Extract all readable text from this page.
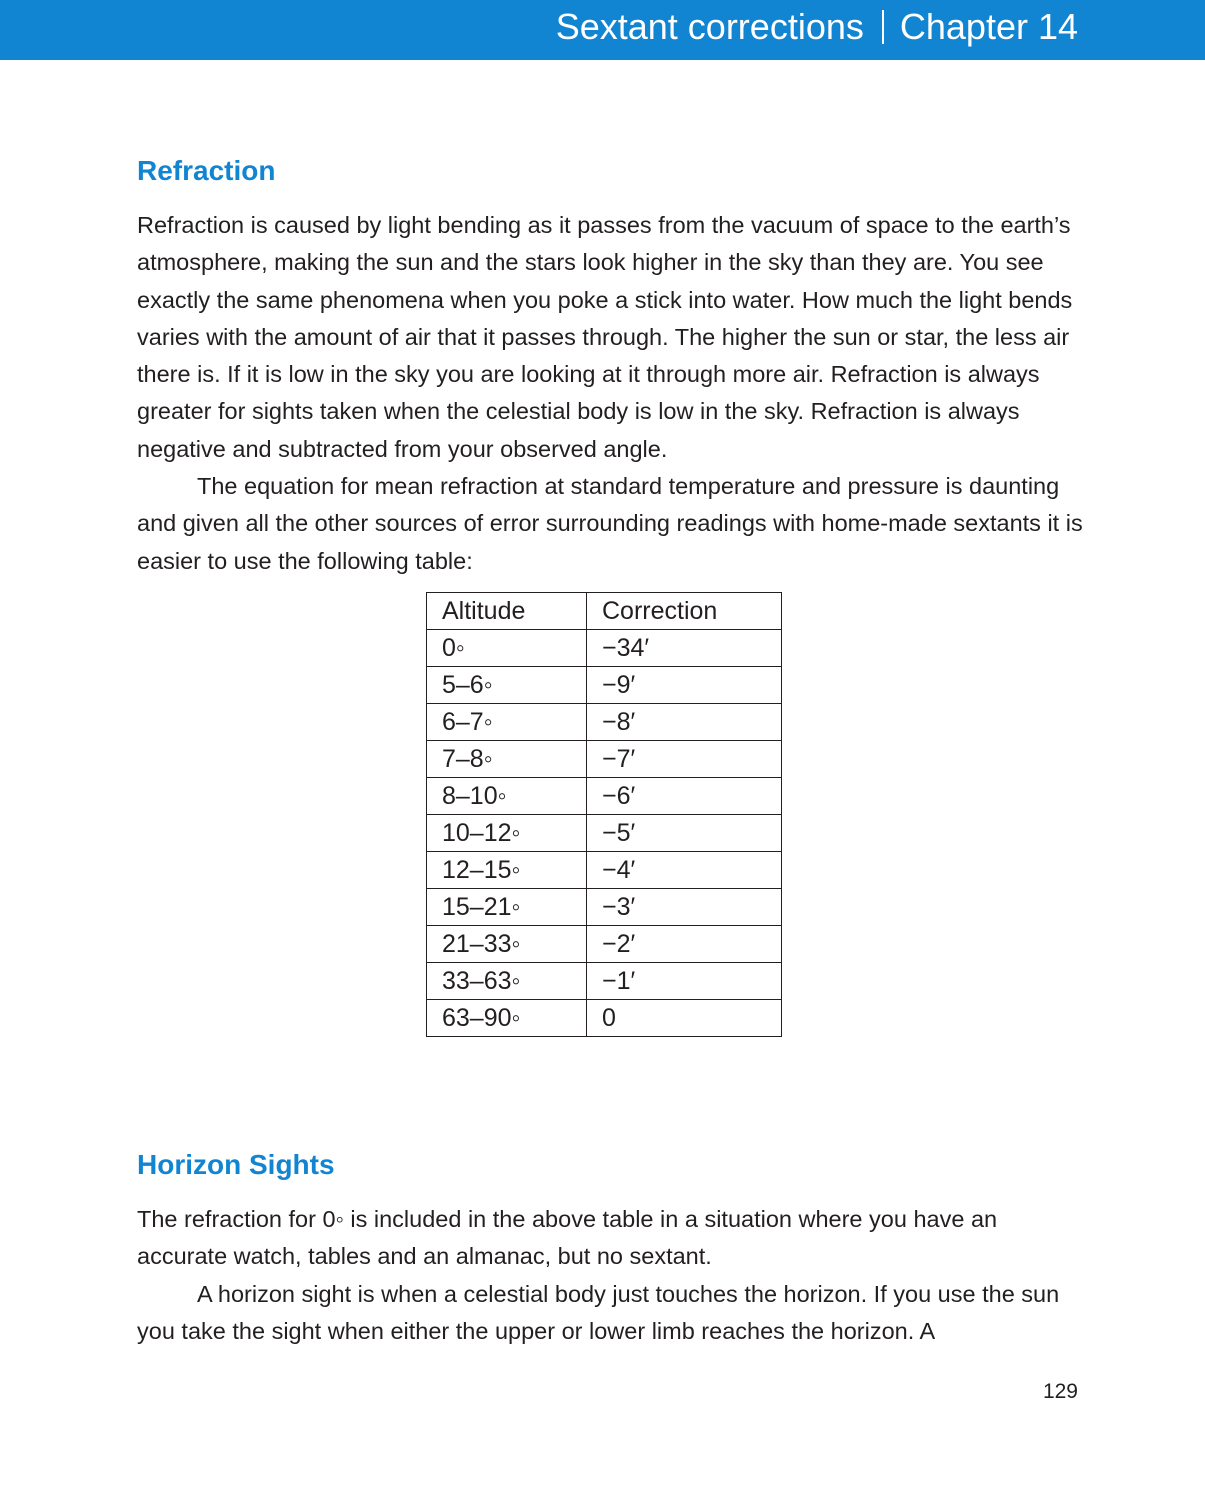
Sextant corrections Chapter 14
Refraction

Refraction is caused by light bending as it passes from the vacuum of space to the earth’s atmosphere, making the sun and the stars look higher in the sky than they are. You see exactly the same phenomena when you poke a stick into water. How much the light bends varies with the amount of air that it passes through. The higher the sun or star, the less air there is. If it is low in the sky you are looking at it through more air. Refraction is always greater for sights taken when the celestial body is low in the sky. Refraction is always negative and subtracted from your observed angle.

The equation for mean refraction at standard temperature and pressure is daunting and given all the other sources of error surrounding readings with home-made sextants it is easier to use the following table:

Altitude	Correction
0◦	−34′
5–6◦	−9′
6–7◦	−8′
7–8◦	−7′
8–10◦	−6′
10–12◦	−5′
12–15◦	−4′
15–21◦	−3′
21–33◦	−2′
33–63◦	−1′
63–90◦	0
Horizon Sights

The refraction for 0◦ is included in the above table in a situation where you have an accurate watch, tables and an almanac, but no sextant.

A horizon sight is when a celestial body just touches the horizon. If you use the sun you take the sight when either the upper or lower limb reaches the horizon. A

129
